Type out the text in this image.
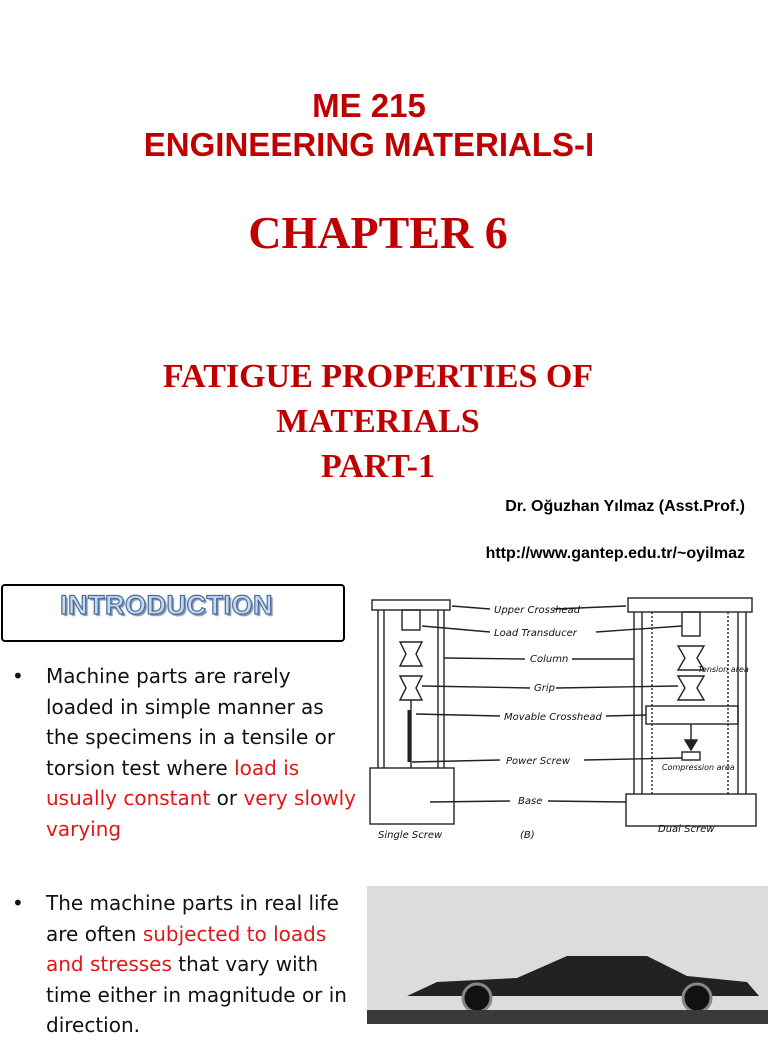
ME 215
ENGINEERING MATERIALS-I
CHAPTER 6
FATIGUE PROPERTIES OF
MATERIALS
PART-1
Dr. Oğuzhan Yılmaz (Asst.Prof.)
http://www.gantep.edu.tr/~oyilmaz
INTRODUCTION
• Machine parts are rarely loaded in simple manner as the specimens in a tensile or torsion test where load is usually constant or very slowly varying
• The machine parts in real life are often subjected to loads and stresses that vary with time either in magnitude or in direction.
Upper Crosshead
Load Transducer
Column
Grip
Movable Crosshead
Power Screw
Base
Single Screw	(B)
Dual Screw
Tension area
Compression area
